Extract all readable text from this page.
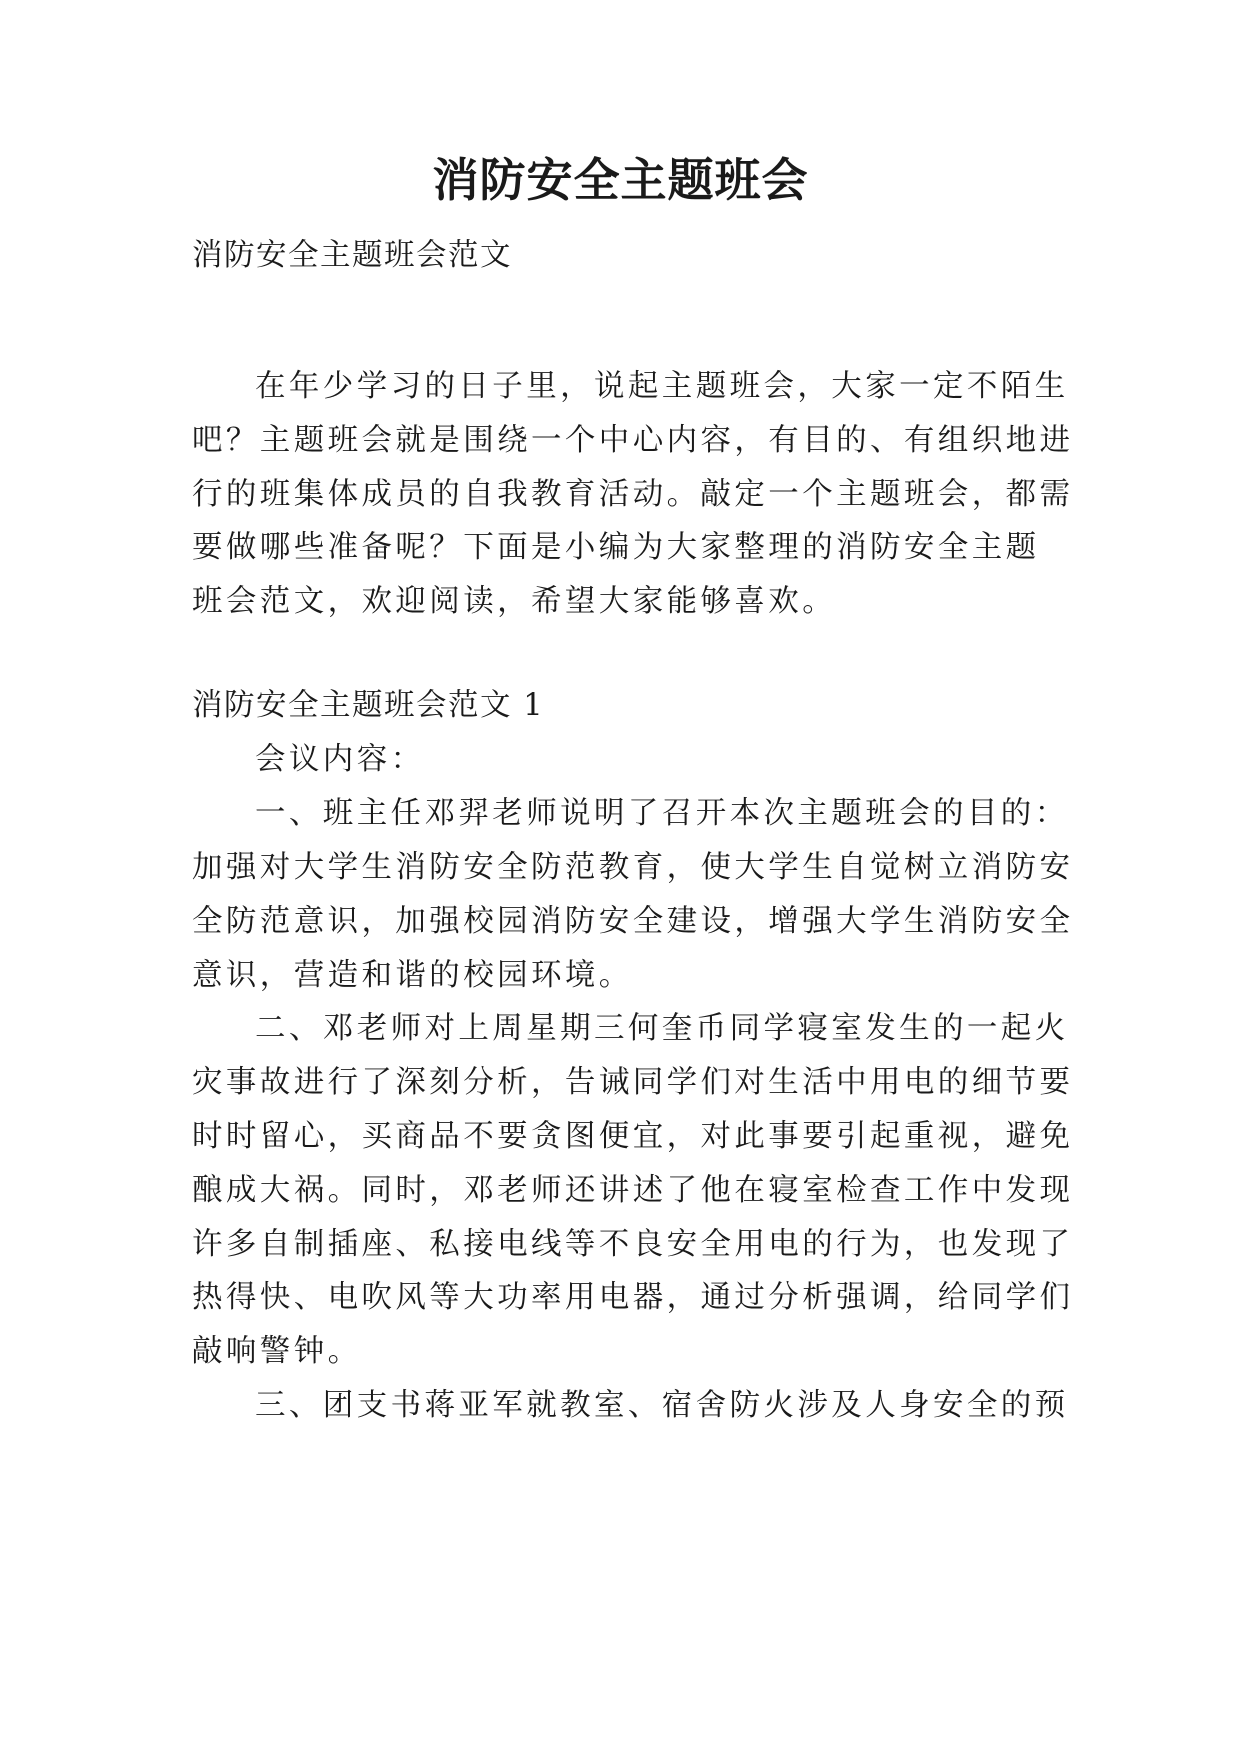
消防安全主题班会
消防安全主题班会范文
在年少学习的日子里，说起主题班会，大家一定不陌生
吧？主题班会就是围绕一个中心内容，有目的、有组织地进
行的班集体成员的自我教育活动。敲定一个主题班会，都需
要做哪些准备呢？下面是小编为大家整理的消防安全主题
班会范文，欢迎阅读，希望大家能够喜欢。
消防安全主题班会范文 1
会议内容：
一、班主任邓羿老师说明了召开本次主题班会的目的：
加强对大学生消防安全防范教育，使大学生自觉树立消防安
全防范意识，加强校园消防安全建设，增强大学生消防安全
意识，营造和谐的校园环境。
二、邓老师对上周星期三何奎币同学寝室发生的一起火
灾事故进行了深刻分析，告诫同学们对生活中用电的细节要
时时留心，买商品不要贪图便宜，对此事要引起重视，避免
酿成大祸。同时，邓老师还讲述了他在寝室检查工作中发现
许多自制插座、私接电线等不良安全用电的行为，也发现了
热得快、电吹风等大功率用电器，通过分析强调，给同学们
敲响警钟。
三、团支书蒋亚军就教室、宿舍防火涉及人身安全的预
